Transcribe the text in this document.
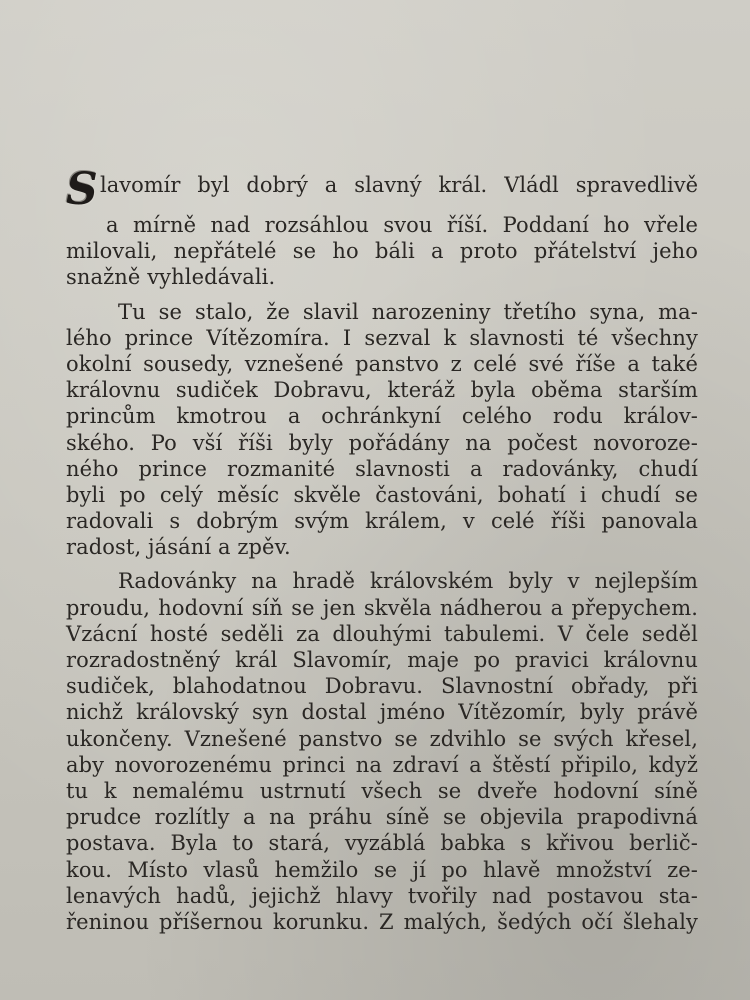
S lavomír byl dobrý a slavný král. Vládl spravedlivě
a mírně nad rozsáhlou svou říší. Poddaní ho vřele
milovali, nepřátelé se ho báli a proto přátelství jeho
snažně vyhledávali.
Tu se stalo, že slavil narozeniny třetího syna, ma-
lého prince Vítězomíra. I sezval k slavnosti té všechny
okolní sousedy, vznešené panstvo z celé své říše a také
královnu sudiček Dobravu, kteráž byla oběma starším
princům kmotrou a ochránkyní celého rodu králov-
ského. Po vší říši byly pořádány na počest novoroze-
ného prince rozmanité slavnosti a radovánky, chudí
byli po celý měsíc skvěle častováni, bohatí i chudí se
radovali s dobrým svým králem, v celé říši panovala
radost, jásání a zpěv.
Radovánky na hradě královském byly v nejlepším
proudu, hodovní síň se jen skvěla nádherou a přepychem.
Vzácní hosté seděli za dlouhými tabulemi. V čele seděl
rozradostněný král Slavomír, maje po pravici královnu
sudiček, blahodatnou Dobravu. Slavnostní obřady, při
nichž královský syn dostal jméno Vítězomír, byly právě
ukončeny. Vznešené panstvo se zdvihlo se svých křesel,
aby novorozenému princi na zdraví a štěstí připilo, když
tu k nemalému ustrnutí všech se dveře hodovní síně
prudce rozlítly a na práhu síně se objevila prapodivná
postava. Byla to stará, vyzáblá babka s křivou berlič-
kou. Místo vlasů hemžilo se jí po hlavě množství ze-
lenavých hadů, jejichž hlavy tvořily nad postavou sta-
řeninou příšernou korunku. Z malých, šedých očí šlehaly
